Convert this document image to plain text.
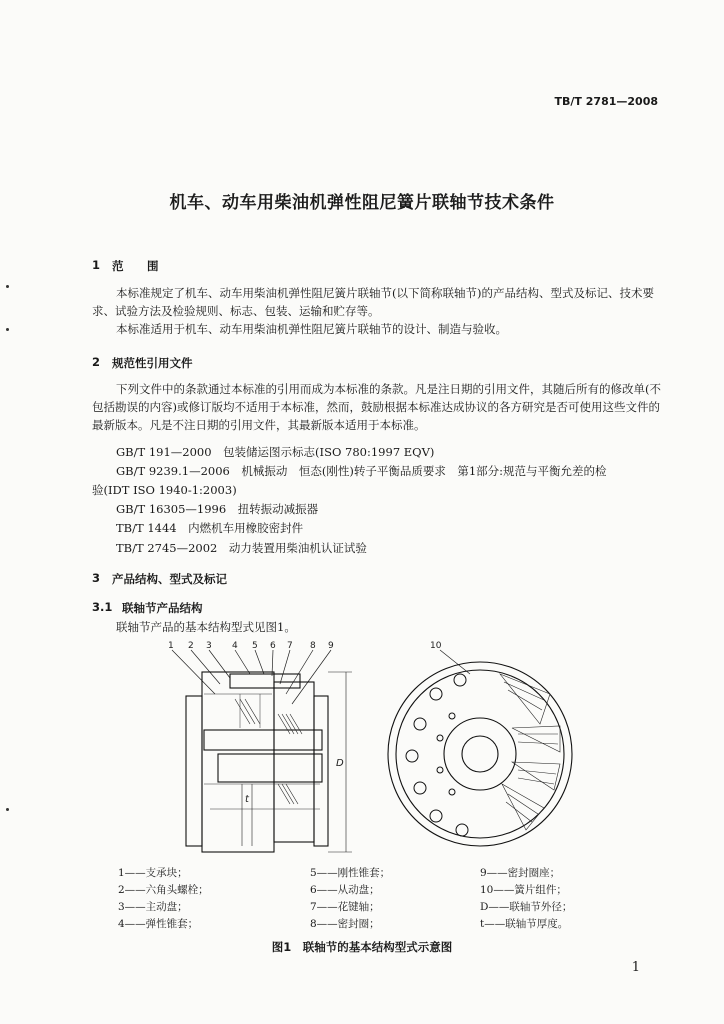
TB/T 2781—2008
机车、动车用柴油机弹性阻尼簧片联轴节技术条件
1 范　围
本标准规定了机车、动车用柴油机弹性阻尼簧片联轴节(以下简称联轴节)的产品结构、型式及标记、技术要求、试验方法及检验规则、标志、包装、运输和贮存等。
本标准适用于机车、动车用柴油机弹性阻尼簧片联轴节的设计、制造与验收。
2 规范性引用文件
下列文件中的条款通过本标准的引用而成为本标准的条款。凡是注日期的引用文件，其随后所有的修改单(不包括勘误的内容)或修订版均不适用于本标准，然而，鼓励根据本标准达成协议的各方研究是否可使用这些文件的最新版本。凡是不注日期的引用文件，其最新版本适用于本标准。
GB/T 191—2000　包装储运图示标志(ISO 780:1997 EQV)
GB/T 9239.1—2006　机械振动　恒态(刚性)转子平衡品质要求　第1部分:规范与平衡允差的检
验(IDT ISO 1940-1:2003)
GB/T 16305—1996　扭转振动减振器
TB/T 1444　内燃机车用橡胶密封件
TB/T 2745—2002　动力装置用柴油机认证试验
3 产品结构、型式及标记
3.1 联轴节产品结构
联轴节产品的基本结构型式见图1。
1 2 3 4 5 6 7 8 9	10
D
t
1——支承块；	5——刚性锥套；	9——密封圈座；
2——六角头螺栓；	6——从动盘；	10——簧片组件；
3——主动盘；	7——花键轴；	D——联轴节外径；
4——弹性锥套；	8——密封圈；	t——联轴节厚度。
图1　联轴节的基本结构型式示意图
1
